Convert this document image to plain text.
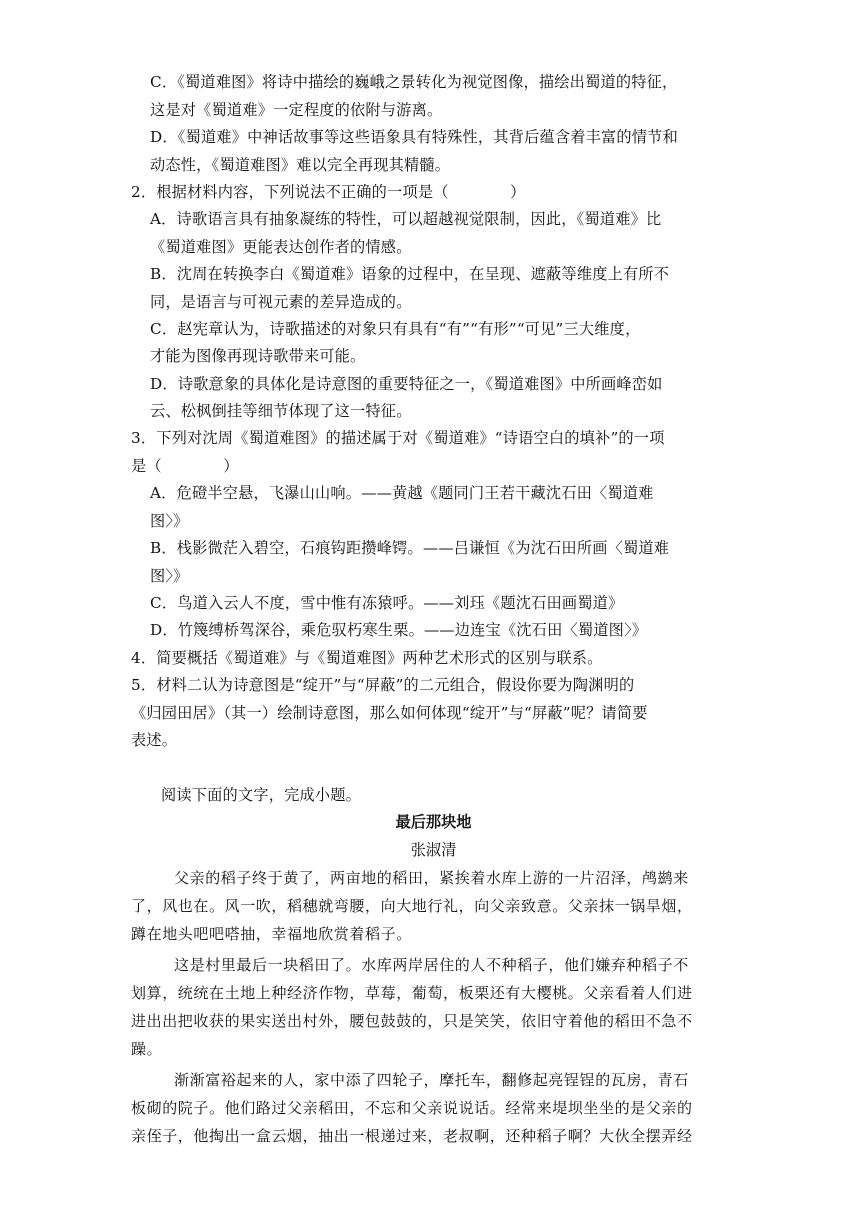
C．《蜀道难图》将诗中描绘的巍峨之景转化为视觉图像，描绘出蜀道的特征，
这是对《蜀道难》一定程度的依附与游离。
D．《蜀道难》中神话故事等这些语象具有特殊性，其背后蕴含着丰富的情节和
动态性，《蜀道难图》难以完全再现其精髓。
2．根据材料内容，下列说法不正确的一项是（　　　　）
A．诗歌语言具有抽象凝练的特性，可以超越视觉限制，因此，《蜀道难》比
《蜀道难图》更能表达创作者的情感。
B．沈周在转换李白《蜀道难》语象的过程中，在呈现、遮蔽等维度上有所不
同，是语言与可视元素的差异造成的。
C．赵宪章认为，诗歌描述的对象只有具有“有”“有形”“可见”三大维度，
才能为图像再现诗歌带来可能。
D．诗歌意象的具体化是诗意图的重要特征之一，《蜀道难图》中所画峰峦如
云、松枫倒挂等细节体现了这一特征。
3．下列对沈周《蜀道难图》的描述属于对《蜀道难》“诗语空白的填补”的一项
是（　　　　）
A．危磴半空悬，飞瀑山山响。——黄越《题同门王若干藏沈石田〈蜀道难
图〉》
B．栈影微茫入碧空，石痕钩距攒峰锷。——吕谦恒《为沈石田所画〈蜀道难
图〉》
C．鸟道入云人不度，雪中惟有冻猿呼。——刘珏《题沈石田画蜀道》
D．竹篾缚桥驾深谷，乘危驭朽寒生栗。——边连宝《沈石田〈蜀道图〉》
4．简要概括《蜀道难》与《蜀道难图》两种艺术形式的区别与联系。
5．材料二认为诗意图是“绽开”与“屏蔽”的二元组合，假设你要为陶渊明的
《归园田居》（其一）绘制诗意图，那么如何体现“绽开”与“屏蔽”呢？请简要
表述。
阅读下面的文字，完成小题。
最后那块地
张淑清
父亲的稻子终于黄了，两亩地的稻田，紧挨着水库上游的一片沼泽，鸬鹚来
了，风也在。风一吹，稻穗就弯腰，向大地行礼，向父亲致意。父亲抹一锅旱烟，
蹲在地头吧吧嗒抽，幸福地欣赏着稻子。
这是村里最后一块稻田了。水库两岸居住的人不种稻子，他们嫌弃种稻子不
划算，统统在土地上种经济作物，草莓，葡萄，板栗还有大樱桃。父亲看着人们进
进出出把收获的果实送出村外，腰包鼓鼓的，只是笑笑，依旧守着他的稻田不急不
躁。
渐渐富裕起来的人，家中添了四轮子，摩托车，翻修起亮锃锃的瓦房，青石
板砌的院子。他们路过父亲稻田，不忘和父亲说说话。经常来堤坝坐坐的是父亲的
亲侄子，他掏出一盒云烟，抽出一根递过来，老叔啊，还种稻子啊？大伙全摆弄经
